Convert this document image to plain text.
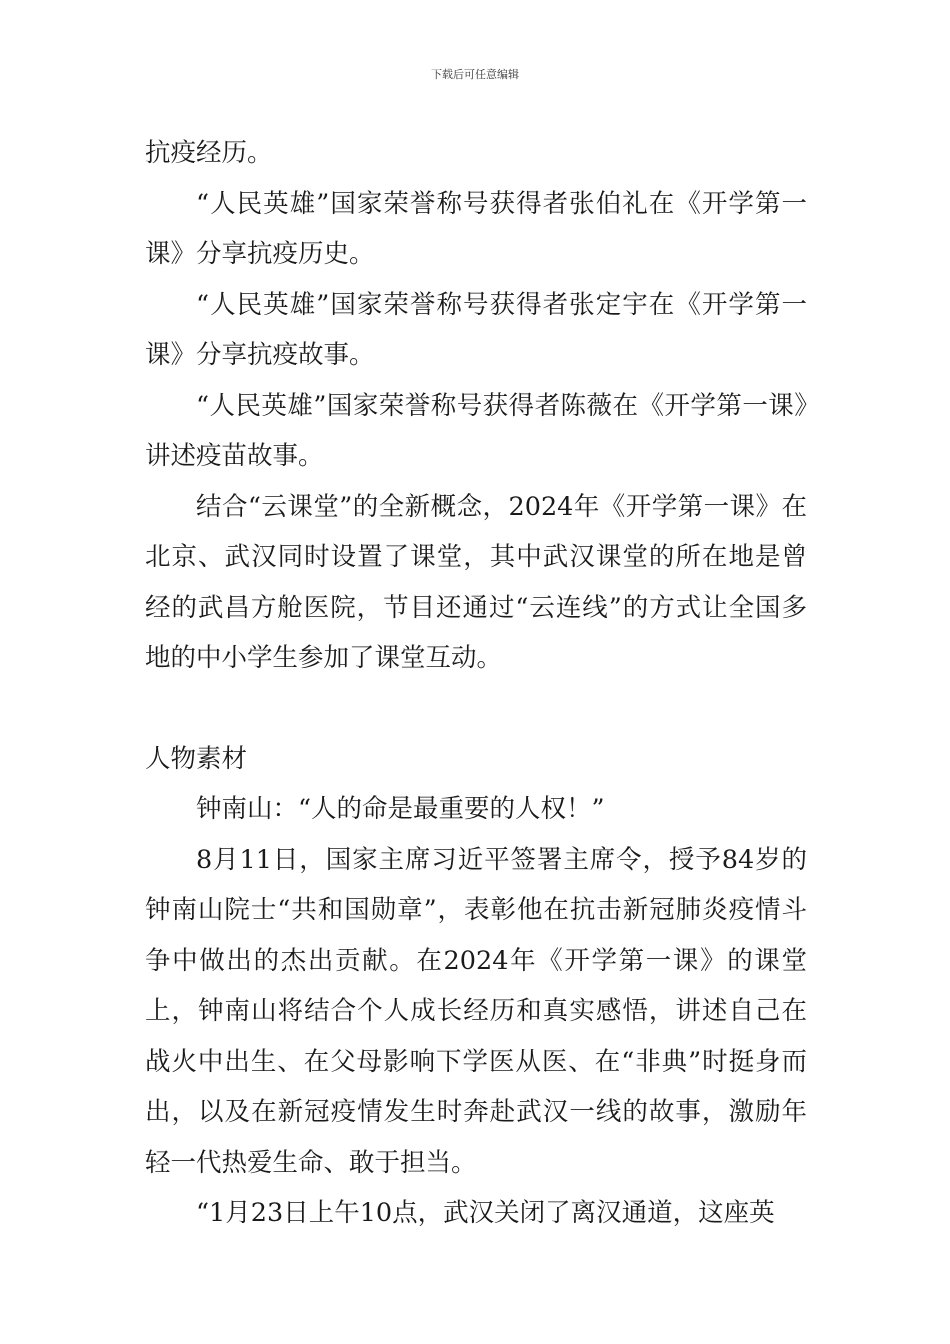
下载后可任意编辑

抗疫经历。

“人民英雄”国家荣誉称号获得者张伯礼在《开学第一课》分享抗疫历史。

“人民英雄”国家荣誉称号获得者张定宇在《开学第一课》分享抗疫故事。

“人民英雄”国家荣誉称号获得者陈薇在《开学第一课》讲述疫苗故事。

结合“云课堂”的全新概念，2024年《开学第一课》在北京、武汉同时设置了课堂，其中武汉课堂的所在地是曾经的武昌方舱医院，节目还通过“云连线”的方式让全国多地的中小学生参加了课堂互动。

人物素材

钟南山：“人的命是最重要的人权！”

8月11日，国家主席习近平签署主席令，授予84岁的钟南山院士“共和国勋章”，表彰他在抗击新冠肺炎疫情斗争中做出的杰出贡献。在2024年《开学第一课》的课堂上，钟南山将结合个人成长经历和真实感悟，讲述自己在战火中出生、在父母影响下学医从医、在“非典”时挺身而出，以及在新冠疫情发生时奔赴武汉一线的故事，激励年轻一代热爱生命、敢于担当。

“1月23日上午10点，武汉关闭了离汉通道，这座英
